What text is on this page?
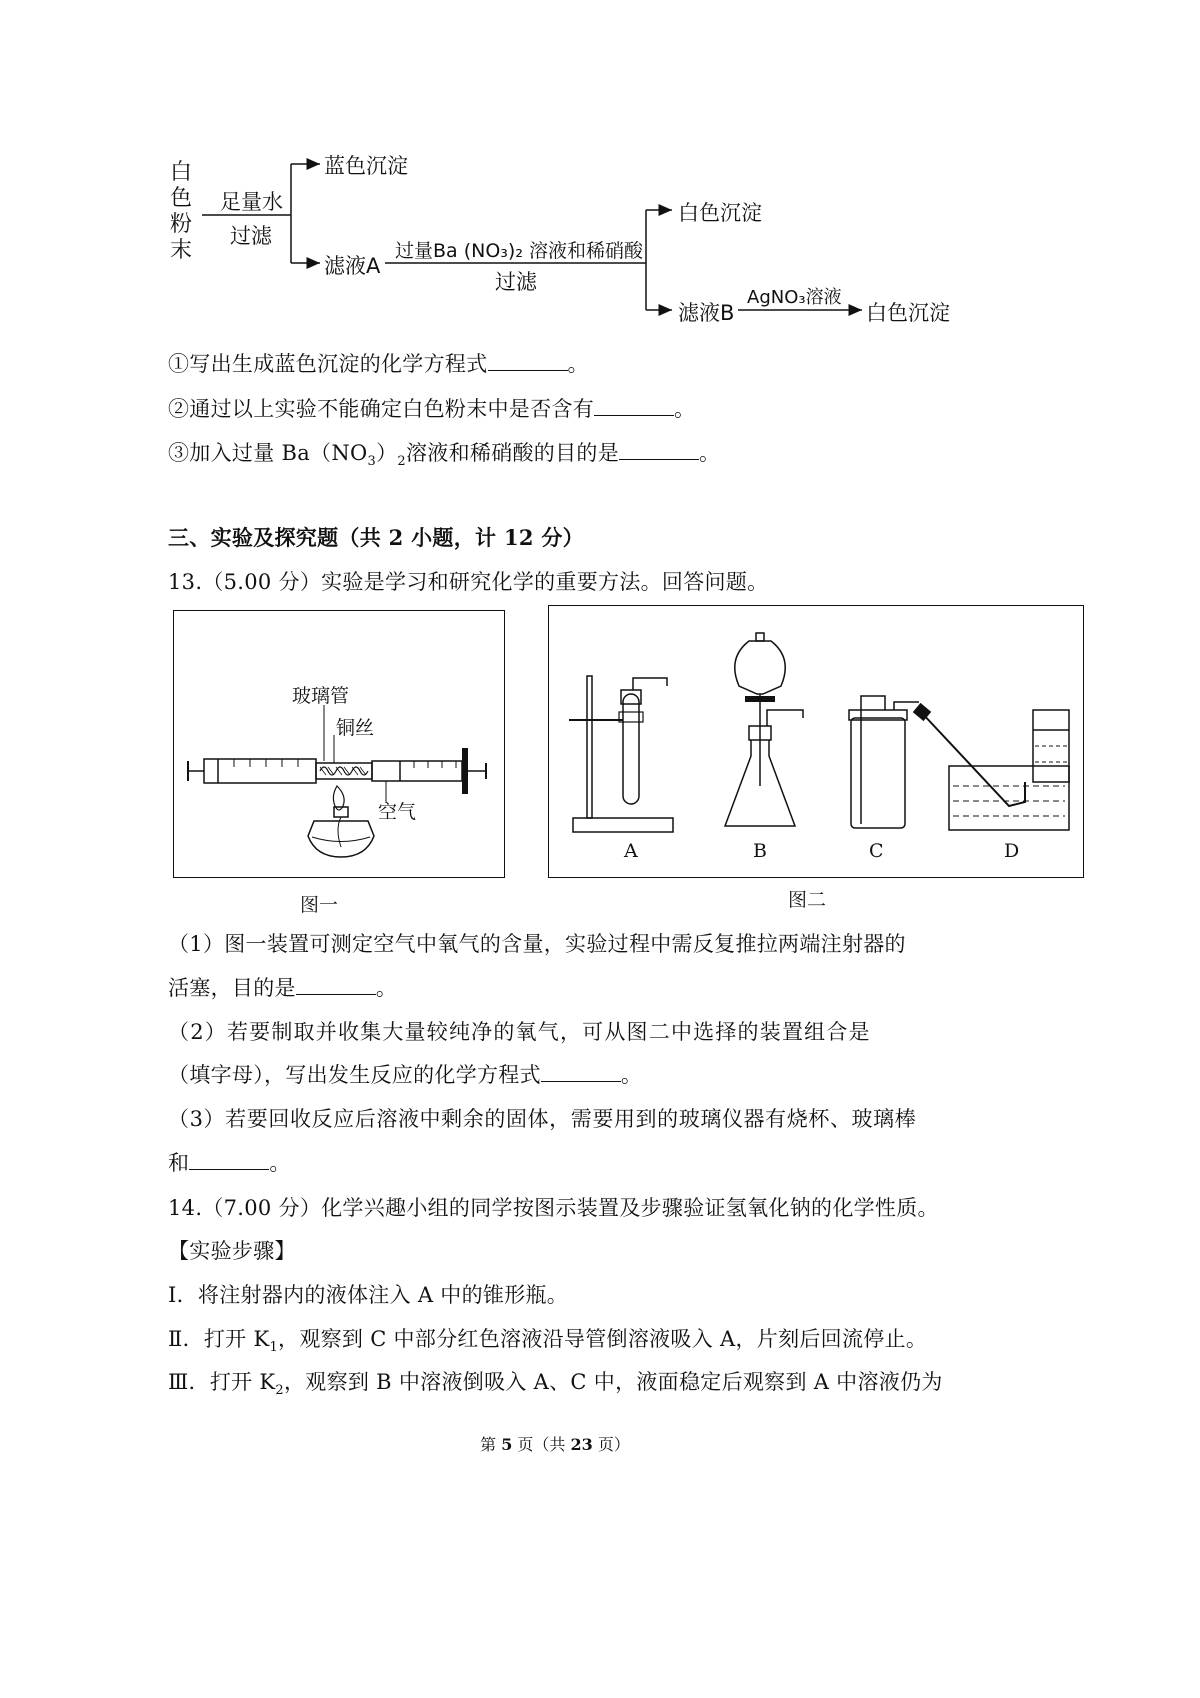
白色粉末
足量水
过滤
蓝色沉淀
滤液A
过量Ba (NO₃)₂ 溶液和稀硝酸
过滤
白色沉淀
滤液B
AgNO₃溶液
白色沉淀
①写出生成蓝色沉淀的化学方程式	。
②通过以上实验不能确定白色粉末中是否含有	。
③加入过量 $Ba(NO_3)_2$溶液和稀硝酸的目的是	。
三、实验及探究题（共 2 小题，计 12 分）
13.（5.00 分）实验是学习和研究化学的重要方法。回答问题。
玻璃管
铜丝
空气
图一
A	B	C	D
图二
（1）图一装置可测定空气中氧气的含量，实验过程中需反复推拉两端注射器的
活塞，目的是	。
（2）若要制取并收集大量较纯净的氧气，可从图二中选择的装置组合是
（填字母），写出发生反应的化学方程式	。
（3）若要回收反应后溶液中剩余的固体，需要用到的玻璃仪器有烧杯、玻璃棒
和	。
14.（7.00 分）化学兴趣小组的同学按图示装置及步骤验证氢氧化钠的化学性质。
【实验步骤】
Ⅰ．将注射器内的液体注入 A 中的锥形瓶。
Ⅱ．打开 $K_1$，观察到 C 中部分红色溶液沿导管倒溶液吸入 A，片刻后回流停止。
Ⅲ．打开 $K_2$，观察到 B 中溶液倒吸入 A、C 中，液面稳定后观察到 A 中溶液仍为
第 5 页（共 23 页）
